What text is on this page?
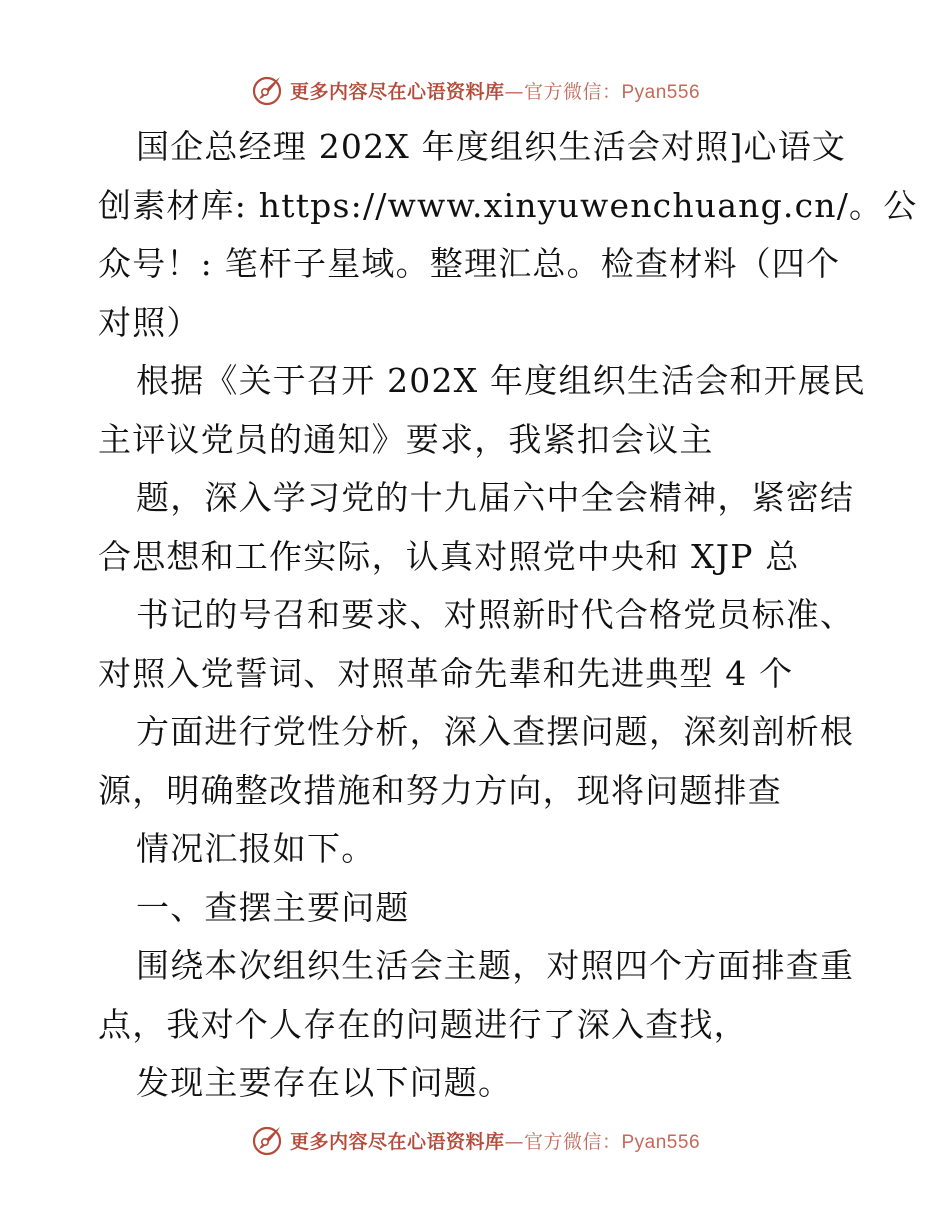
更多内容尽在心语资料库—官方微信：Pyan556
国企总经理 202X 年度组织生活会对照]心语文
创素材库: https://www.xinyuwenchuang.cn/。公
众号！: 笔杆子星域。整理汇总。检查材料（四个
对照）
根据《关于召开 202X 年度组织生活会和开展民
主评议党员的通知》要求，我紧扣会议主
题，深入学习党的十九届六中全会精神，紧密结
合思想和工作实际，认真对照党中央和 XJP 总
书记的号召和要求、对照新时代合格党员标准、
对照入党誓词、对照革命先辈和先进典型 4 个
方面进行党性分析，深入查摆问题，深刻剖析根
源，明确整改措施和努力方向，现将问题排查
情况汇报如下。
一、查摆主要问题
围绕本次组织生活会主题，对照四个方面排查重
点，我对个人存在的问题进行了深入查找，
发现主要存在以下问题。
更多内容尽在心语资料库—官方微信：Pyan556
